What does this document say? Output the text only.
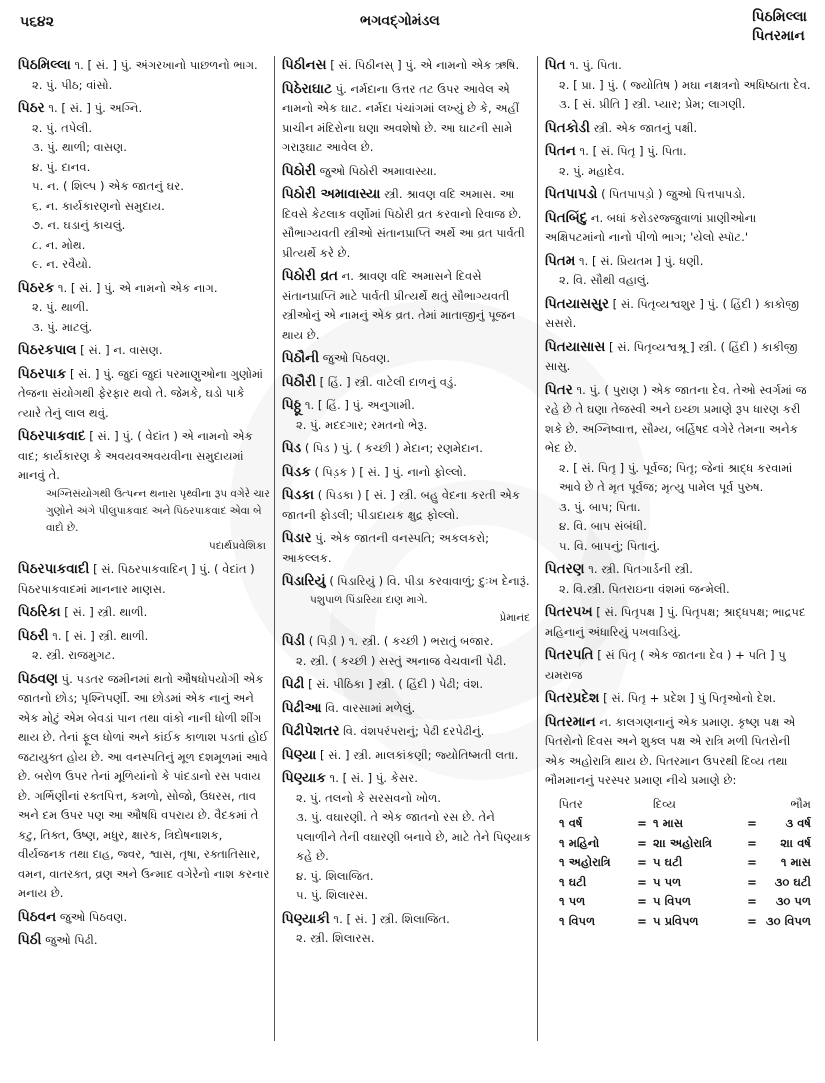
૫૬૪૨	ભગવદ્ગોમંડલ	પિઠમિલ્લા
પિતરમાન
પિઠમિલ્લા ૧. [ સં. ] પું. અંગરખાનો પાછળનો ભાગ.
૨. પું. પીઠ; વાંસો.
પિઠર ૧. [ સં. ] પું. અગ્નિ.
૨. પું. તપેલી.
૩. પું. થાળી; વાસણ.
૪. પું. દાનવ.
૫. ન. ( શિલ્પ ) એક જાતનું ઘર.
૬. ન. કાર્યકારણનો સમુદાય.
૭. ન. ઘડાનું કાચલું.
૮. ન. મોથ.
૯. ન. રવૈયો.
પિઠરક ૧. [ સં. ] પું. એ નામનો એક નાગ.
૨. પું. થાળી.
૩. પું. માટલું.
પિઠરકપાલ [ સં. ] ન. વાસણ.
પિઠરપાક [ સં. ] પું. જુદાં જુદાં પરમાણુઓના ગુણોમાં તેજના સંયોગથી ફેરફાર થવો તે. જેમકે, ઘડો પાકે ત્યારે તેનું લાલ થવું.
પિઠરપાકવાદ [ સં. ] પું. ( વેદાંત ) એ નામનો એક વાદ; કાર્યકારણ કે અવયવઅવયવીના સમુદાયમાં માનવું તે.
અગ્નિસંયોગથી ઉત્પન્ન થનારા પૃથ્વીના રૂપ વગેરે ચાર ગુણોને અંગે પીલુપાકવાદ અને પિઠરપાકવાદ એવા બે વાદો છે.
પદાર્થપ્રવેશિકા
પિઠરપાકવાદી [ સં. પિઠરપાકવાદિન્ ] પું. ( વેદાંત ) પિઠરપાકવાદમાં માનનાર માણસ.
પિઠરિકા [ સં. ] સ્ત્રી. થાળી.
પિઠરી ૧. [ સં. ] સ્ત્રી. થાળી.
૨. સ્ત્રી. રાજમુગટ.
પિઠવણ પું. પડતર જમીનમાં થતો ઔષધોપયોગી એક જાતનો છોડ; પૃશ્નિપર્ણી. આ છોડમાં એક નાનું અને એક મોટું એમ બેવડાં પાન તથા વાંકો નાની ધોળી શીંગ થાય છે. તેનાં ફૂલ ધોળાં અને કાંઈક કાળાશ પડતાં હોઈ જટાયુક્ત હોય છે. આ વનસ્પતિનું મૂળ દશમૂળમાં આવે છે. બરોળ ઉપર તેનાં મૂળિયાંનો કે પાંદડાનો રસ પવાય છે. ગર્ભિણીનાં રક્તપિત્ત, કમળો, સોજો, ઉધરસ, તાવ અને દમ ઉપર પણ આ ઔષધિ વપરાય છે. વૈદકમાં તે કટુ, તિક્ત, ઉષ્ણ, મધુર, ક્ષારક, ત્રિદોષનાશક, વીર્યજનક તથા દાહ, જ્વર, શ્વાસ, તૃષા, રક્તાતિસાર, વમન, વાતરક્ત, વ્રણ અને ઉન્માદ વગેરેનો નાશ કરનાર મનાય છે.
પિઠવન જુઓ પિઠવણ.
પિઠી જુઓ પિઢી.
પિઠીનસ [ સં. પિઠીનસ્ ] પું. એ નામનો એક ઋષિ.
પિઠેરાઘાટ પું. નર્મદાના ઉત્તર તટ ઉપર આવેલ એ નામનો એક ઘાટ. નર્મદા પંચાંગમાં લખ્યું છે કે, અહીં પ્રાચીન મંદિરોના ઘણા અવશેષો છે. આ ઘાટની સામે ગરારૂઘાટ આવેલ છે.
પિઠોરી જુઓ પિઠોરી અમાવાસ્યા.
પિઠોરી અમાવાસ્યા સ્ત્રી. શ્રાવણ વદિ અમાસ. આ દિવસે કેટલાક વર્ણોમાં પિઠોરી વ્રત કરવાનો રિવાજ છે. સૌભાગ્યવતી સ્ત્રીઓ સંતાનપ્રાપ્તિ અર્થે આ વ્રત પાર્વતી પ્રીત્યર્થે કરે છે.
પિઠોરી વ્રત ન. શ્રાવણ વદિ અમાસને દિવસે સંતાનપ્રાપ્તિ માટે પાર્વતી પ્રીત્યર્થે થતું સૌભાગ્યવતી સ્ત્રીઓનું એ નામનું એક વ્રત. તેમાં માતાજીનું પૂજન થાય છે.
પિઠૌની જુઓ પિઠવણ.
પિઠૌરી [ હિં. ] સ્ત્રી. વાટેલી દાળનું વડું.
પિઠ્ઠૂ ૧. [ હિં. ] પું. અનુગામી.
૨. પું. મદદગાર; રમતનો ભેરૂ.
પિડ ( પિડ ) પું. ( કચ્છી ) મેદાન; રણમેદાન.
પિડક ( પિડ઼ક ) [ સં. ] પું. નાનો ફોલ્લો.
પિડકા ( પિડકા ) [ સં. ] સ્ત્રી. બહુ વેદના કરતી એક જાતની ફોડલી; પીડાદાયક ક્ષુદ્ર ફોલ્લો.
પિડાર પું. એક જાતની વનસ્પતિ; અકલકરો; આકલ્લક.
પિડારિયું ( પિડારિયું ) વિ. પીડા કરવાવાળું; દુઃખ દેનારૂં.
પશુપાળ પિંડારિયા દાણ માગે.
પ્રેમાનંદ
પિડી ( પિડ઼ી ) ૧. સ્ત્રી. ( કચ્છી ) ભરાતું બજાર.
૨. સ્ત્રી. ( કચ્છી ) સસ્તું અનાજ વેચવાની પેઢી.
પિઢી [ સં. પીઠિકા ] સ્ત્રી. ( હિંદી ) પેઢી; વંશ.
પિઢીઆ વિ. વારસામાં મળેલું.
પિઢીપેશતર વિ. વંશપરંપરાનું; પેઢી દરપેઢીનું.
પિણ્યા [ સં. ] સ્ત્રી. માલકાંકણી; જ્યોતિષ્મતી લતા.
પિણ્યાક ૧. [ સં. ] પું. કેસર.
૨. પું. તલનો કે સરસવનો ખોળ.
૩. પું. વઘારણી. તે એક જાતનો રસ છે. તેને પલાળીને તેની વઘારણી બનાવે છે, માટે તેને પિણ્યાક કહે છે.
૪. પું. શિલાજિત.
૫. પું. શિલારસ.
પિણ્યાકી ૧. [ સં. ] સ્ત્રી. શિલાજિત.
૨. સ્ત્રી. શિલારસ.
પિત ૧. પું. પિતા.
૨. [ પ્રા. ] પું. ( જ્યોતિષ ) મઘા નક્ષત્રનો અધિષ્ઠાતા દેવ.
૩. [ સં. પ્રીતિ ] સ્ત્રી. પ્યાર; પ્રેમ; લાગણી.
પિતકોડી સ્ત્રી. એક જાતનું પક્ષી.
પિતન ૧. [ સં. પિતૃ ] પું. પિતા.
૨. પું. મહાદેવ.
પિતપાપડો ( પિતપાપડ઼ો ) જુઓ પિત્તપાપડો.
પિતબિંદુ ન. બધાં કરોડરજ્જુવાળાં પ્રાણીઓના અક્ષિપટમાંનો નાનો પીળો ભાગ; 'યેલો સ્પૉટ.'
પિતમ ૧. [ સં. પ્રિયતમ ] પું. ધણી.
૨. વિ. સૌથી વહાલું.
પિતયાસસુર [ સં. પિતૃવ્યશ્વશુર ] પું. ( હિંદી ) કાકોજી સસરો.
પિતયાસાસ [ સં. પિતૃવ્યશ્વશ્રૂ ] સ્ત્રી. ( હિંદી ) કાકીજી સાસુ.
પિતર ૧. પું. ( પુરાણ ) એક જાતના દેવ. તેઓ સ્વર્ગમાં જ રહે છે તે ઘણા તેજસ્વી અને ઇચ્છા પ્રમાણે રૂપ ધારણ કરી શકે છે. અગ્નિષ્વાત્ત, સૌમ્ય, બર્હિષદ વગેરે તેમના અનેક ભેદ છે.
૨. [ સં. પિતૃ ] પું. પૂર્વજ; પિતૃ; જેનાં શ્રાદ્ધ કરવામાં આવે છે તે મૃત પૂર્વજ; મૃત્યુ પામેલ પૂર્વ પુરુષ.
૩. પું. બાપ; પિતા.
૪. વિ. બાપ સંબંધી.
૫. વિ. બાપનું; પિતાનું.
પિતરણ ૧. સ્ત્રી. પિતગાર્ડની સ્ત્રી.
૨. વિ.સ્ત્રી. પિતરાઇના વંશમાં જન્મેલી.
પિતરપખ [ સં. પિતૃપક્ષ ] પું. પિતૃપક્ષ; શ્રાદ્ધપક્ષ; ભાદ્રપદ મહિનાનું અંધારિયું પખવાડિયું.
પિતરપતિ [ સં પિતૃ ( એક જાતના દેવ ) + પતિ ] પુ યમરાજ
પિતરપ્રદેશ [ સં. પિતૃ + પ્રદેશ ] પું પિતૃઓનો દેશ.
પિતરમાન ન. કાલગણનાનું એક પ્રમાણ. કૃષ્ણ પક્ષ એ પિતરોનો દિવસ અને શુક્લ પક્ષ એ રાત્રિ મળી પિતરોની એક અહોરાત્રિ થાય છે. પિતરમાન ઉપરથી દિવ્ય તથા ભૌમમાનનું પરસ્પર પ્રમાણ નીચે પ્રમાણે છે:
પિતર	દિવ્ય	ભૌમ
૧ વર્ષ	= ૧ માસ	=	૩ વર્ષ
૧ મહિનો	= ૨।। અહોરાત્રિ	=	૨।। વર્ષ
૧ અહોરાત્રિ	= ૫ ઘટી	=	૧ માસ
૧ ઘટી	= ૫ પળ	=	૩૦ ઘટી
૧ પળ	= ૫ વિપળ	=	૩૦ પળ
૧ વિપળ	= ૫ પ્રવિપળ	= ૩૦ વિપળ
